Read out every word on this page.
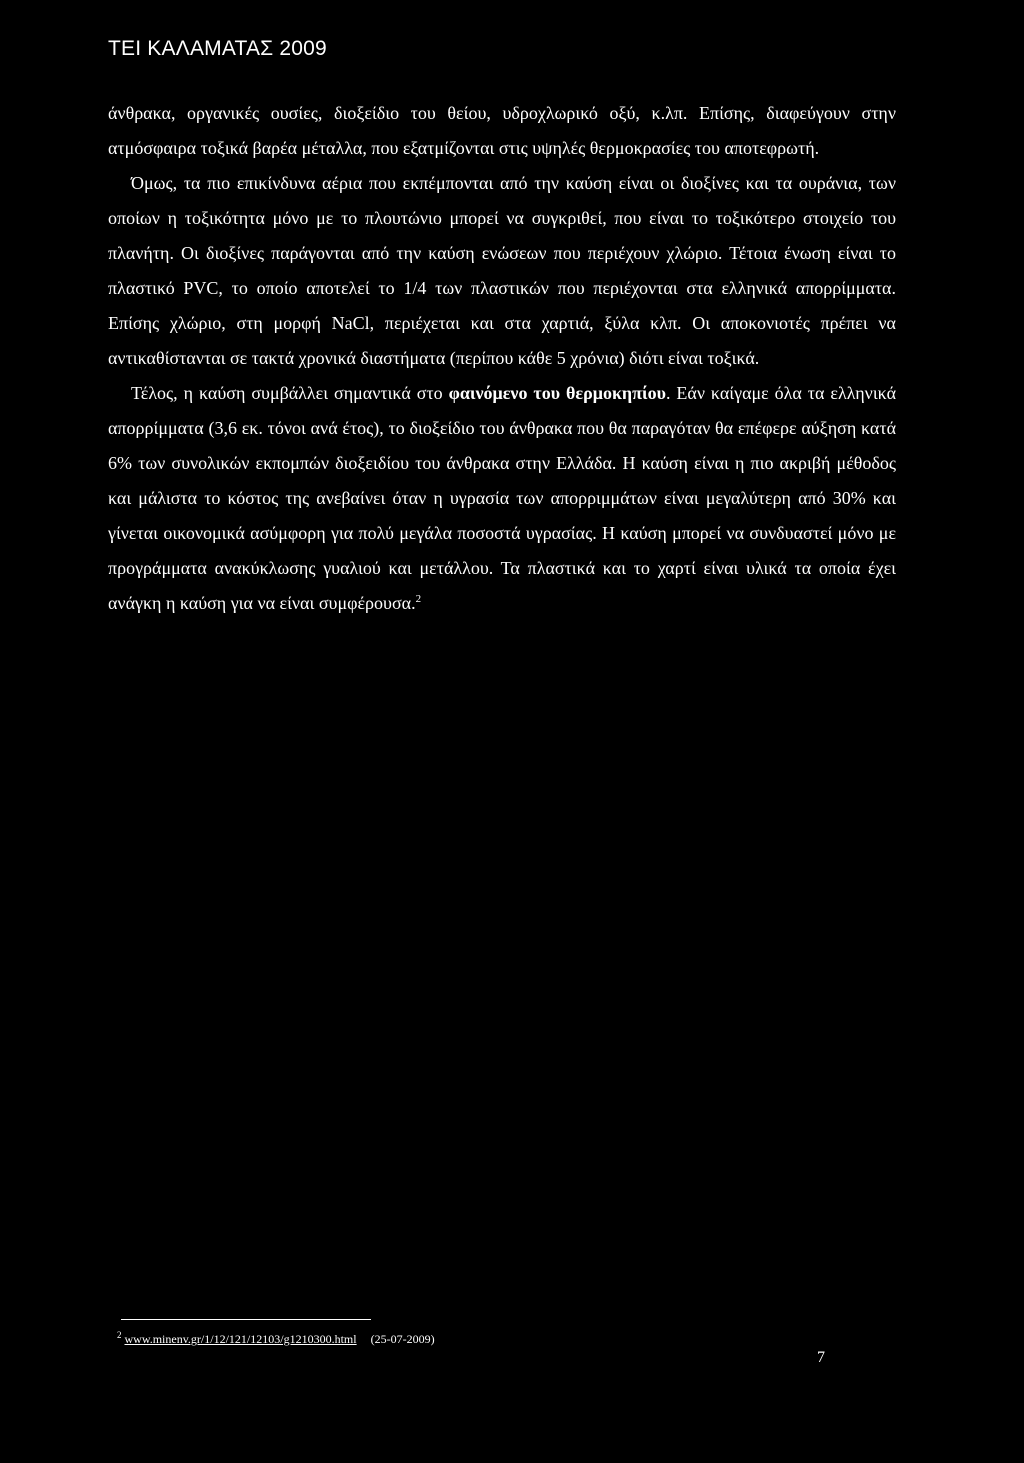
ΤΕΙ ΚΑΛΑΜΑΤΑΣ 2009

άνθρακα, οργανικές ουσίες, διοξείδιο του θείου, υδροχλωρικό οξύ, κ.λπ. Επίσης, διαφεύγουν στην ατμόσφαιρα τοξικά βαρέα μέταλλα, που εξατμίζονται στις υψηλές θερμοκρασίες του αποτεφρωτή.

Όμως, τα πιο επικίνδυνα αέρια που εκπέμπονται από την καύση είναι οι διοξίνες και τα ουράνια, των οποίων η τοξικότητα μόνο με το πλουτώνιο μπορεί να συγκριθεί, που είναι το τοξικότερο στοιχείο του πλανήτη. Οι διοξίνες παράγονται από την καύση ενώσεων που περιέχουν χλώριο. Τέτοια ένωση είναι το πλαστικό PVC, το οποίο αποτελεί το 1/4 των πλαστικών που περιέχονται στα ελληνικά απορρίμματα. Επίσης χλώριο, στη μορφή NaCl, περιέχεται και στα χαρτιά, ξύλα κλπ. Οι αποκονιοτές πρέπει να αντικαθίστανται σε τακτά χρονικά διαστήματα (περίπου κάθε 5 χρόνια) διότι είναι τοξικά.

Τέλος, η καύση συμβάλλει σημαντικά στο φαινόμενο του θερμοκηπίου. Εάν καίγαμε όλα τα ελληνικά απορρίμματα (3,6 εκ. τόνοι ανά έτος), το διοξείδιο του άνθρακα που θα παραγόταν θα επέφερε αύξηση κατά 6% των συνολικών εκπομπών διοξειδίου του άνθρακα στην Ελλάδα. Η καύση είναι η πιο ακριβή μέθοδος και μάλιστα το κόστος της ανεβαίνει όταν η υγρασία των απορριμμάτων είναι μεγαλύτερη από 30% και γίνεται οικονομικά ασύμφορη για πολύ μεγάλα ποσοστά υγρασίας. Η καύση μπορεί να συνδυαστεί μόνο με προγράμματα ανακύκλωσης γυαλιού και μετάλλου. Τα πλαστικά και το χαρτί είναι υλικά τα οποία έχει ανάγκη η καύση για να είναι συμφέρουσα.$^2$

$^2$ www.minenv.gr/1/12/121/12103/g1210300.html (25-07-2009)
7
